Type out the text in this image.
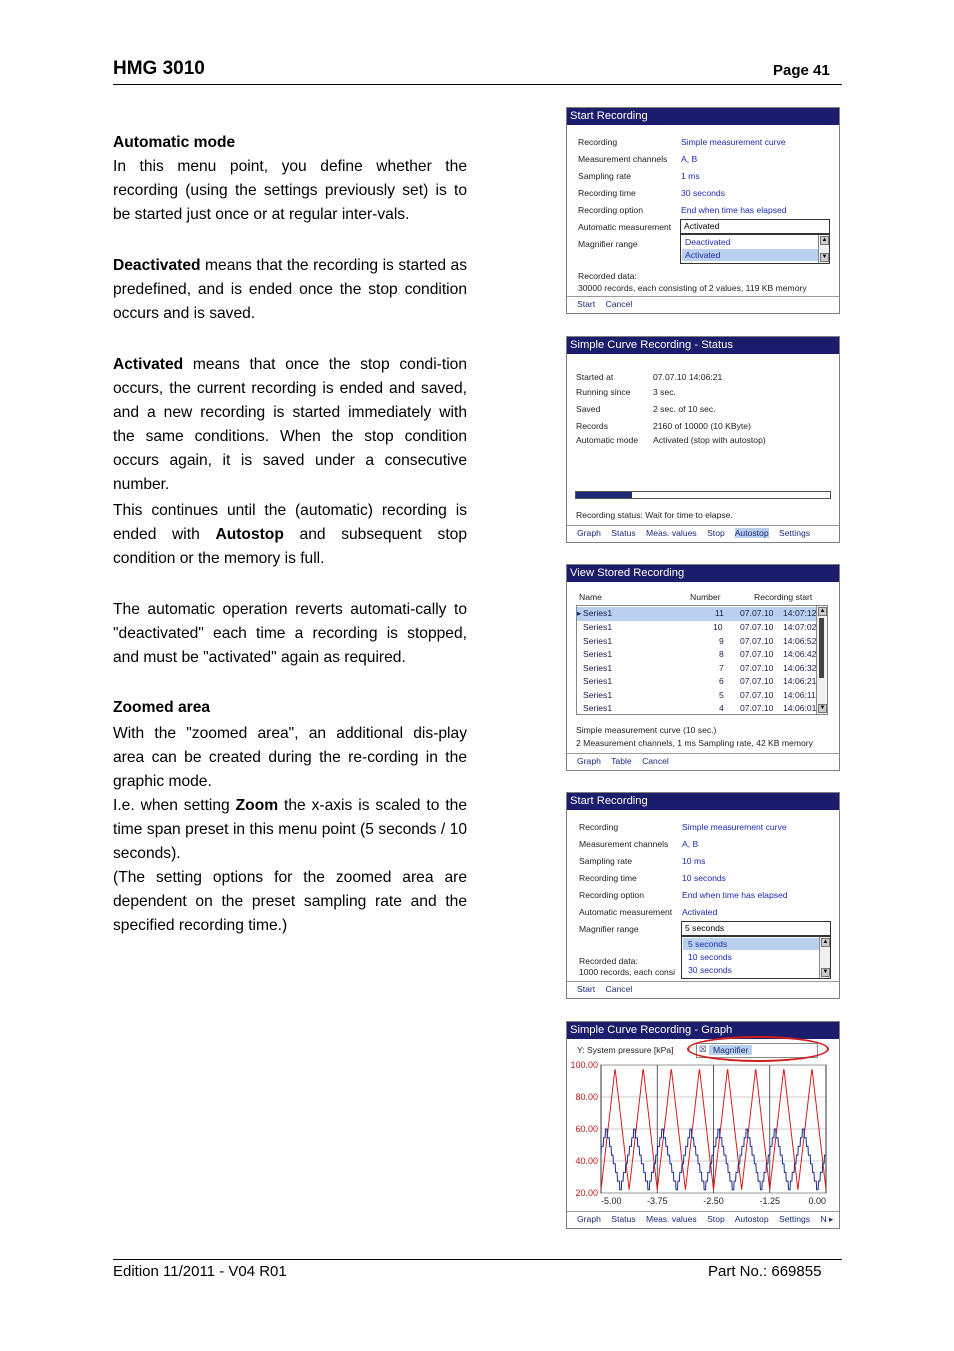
HMG 3010	Page 41
Automatic mode

In this menu point, you define whether the recording (using the settings previously set) is to be started just once or at regular inter-vals.

Deactivated means that the recording is started as predefined, and is ended once the stop condition occurs and is saved.

Activated means that once the stop condi-tion occurs, the current recording is ended and saved, and a new recording is started immediately with the same conditions. When the stop condition occurs again, it is saved under a consecutive number.

This continues until the (automatic) recording is ended with Autostop and subsequent stop condition or the memory is full.

The automatic operation reverts automati-cally to "deactivated" each time a recording is stopped, and must be "activated" again as required.

Zoomed area

With the "zoomed area", an additional dis-play area can be created during the re-cording in the graphic mode.

I.e. when setting Zoom the x-axis is scaled to the time span preset in this menu point (5 seconds / 10 seconds).

(The setting options for the zoomed area are dependent on the preset sampling rate and the specified recording time.)

Start Recording
Recording	Simple measurement curve
Measurement channels A, B
Sampling rate	1 ms
Recording time	30 seconds
Recording option	End when time has elapsed
Automatic measurement Activated
Magnifier range	Deactivated
Activated
▲
▼
Recorded data:
30000 records, each consisting of 2 values, 119 KB memory
Start Cancel
Simple Curve Recording - Status
Started at	07.07.10 14:06:21
Running since	3 sec.
Saved	2 sec. of 10 sec.
Records	2160 of 10000 (10 KByte)
Automatic mode Activated (stop with autostop)
Recording status: Wait for time to elapse.
Graph Status Meas. values Stop Autostop Settings
View Stored Recording
Name	Number	Recording start
▸ Series1	11 07.07.10 14:07:12
Series1	10 07.07.10 14:07:02
Series1	9 07.07.10 14:06:52
Series1	8 07.07.10 14:06:42
Series1	7 07.07.10 14:06:32
Series1	6 07.07.10 14:06:21
Series1	5 07.07.10 14:06:11
Series1	4 07.07.10 14:06:01
▲
▼
Simple measurement curve (10 sec.)
2 Measurement channels, 1 ms Sampling rate, 42 KB memory
Graph Table Cancel
Start Recording
Recording	Simple measurement curve
Measurement channels A, B
Sampling rate	10 ms
Recording time	10 seconds
Recording option	End when time has elapsed
Automatic measurement Activated
Magnifier range	5 seconds
Recorded data:
1000 records, each consi
5 seconds
10 seconds
30 seconds
▲
▼
Start Cancel
Simple Curve Recording - Graph
Y: System pressure [kPa]	☒ Magnifier
100.00
80.00
60.00
40.00
20.00
-5.00	-3.75	-2.50	-1.25	0.00
Graph Status Meas. values Stop Autostop Settings N ▸
Edition 11/2011 - V04 R01	Part No.: 669855
